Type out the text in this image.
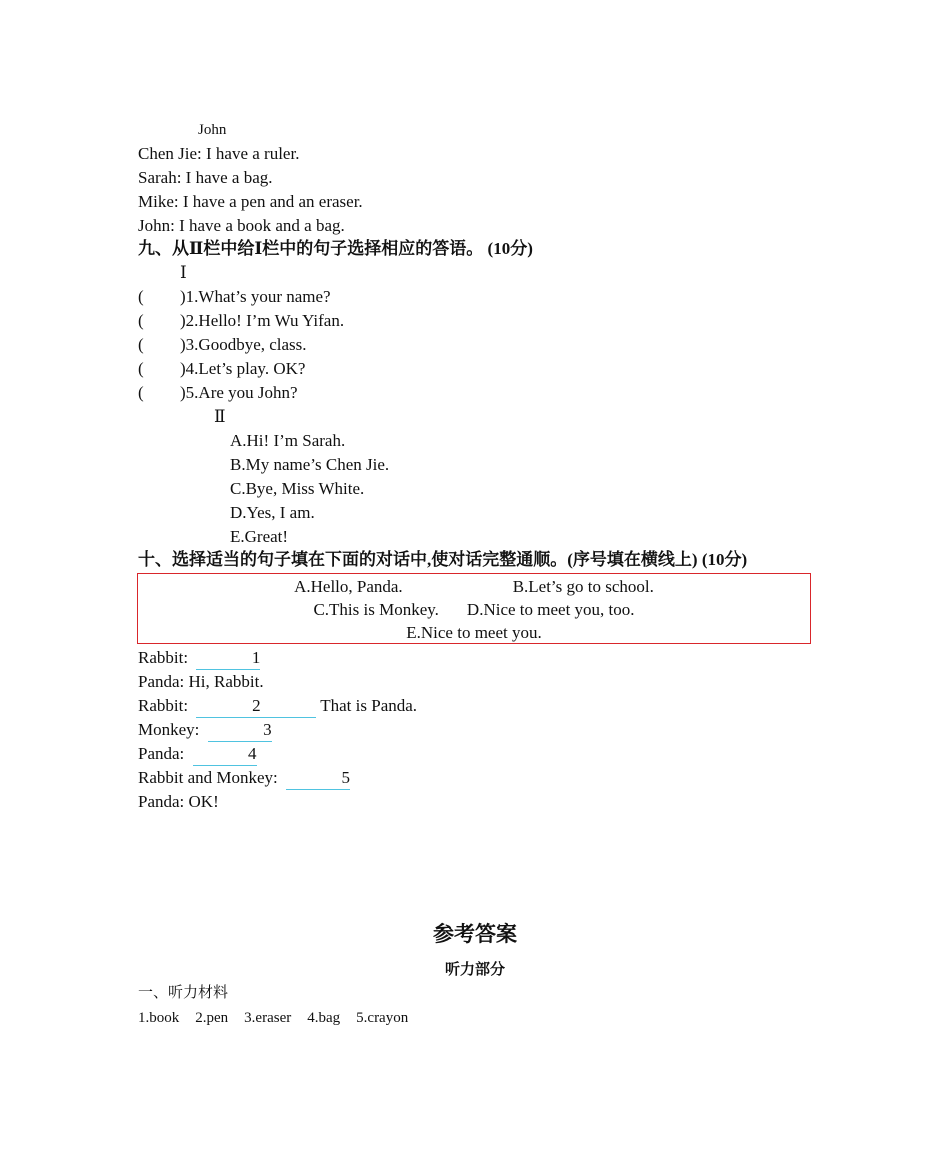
John
Chen Jie: I have a ruler.
Sarah: I have a bag.
Mike: I have a pen and an eraser.
John: I have a book and a bag.
九、从Ⅱ栏中给Ⅰ栏中的句子选择相应的答语。 (10分)
Ⅰ
( )1.What’s your name?
( )2.Hello! I’m Wu Yifan.
( )3.Goodbye, class.
( )4.Let’s play. OK?
( )5.Are you John?
Ⅱ
A.Hi! I’m Sarah.
B.My name’s Chen Jie.
C.Bye, Miss White.
D.Yes, I am.
E.Great!
十、选择适当的句子填在下面的对话中,使对话完整通顺。(序号填在横线上) (10分)
A.Hello, Panda.	B.Let’s go to school.
C.This is Monkey. D.Nice to meet you, too.
E.Nice to meet you.
Rabbit:	1
Panda: Hi, Rabbit.
Rabbit:	2	That is Panda.
Monkey:	3
Panda:	4
Rabbit and Monkey:	5
Panda: OK!
参考答案
听力部分
一、听力材料
1.book 2.pen 3.eraser 4.bag 5.crayon
